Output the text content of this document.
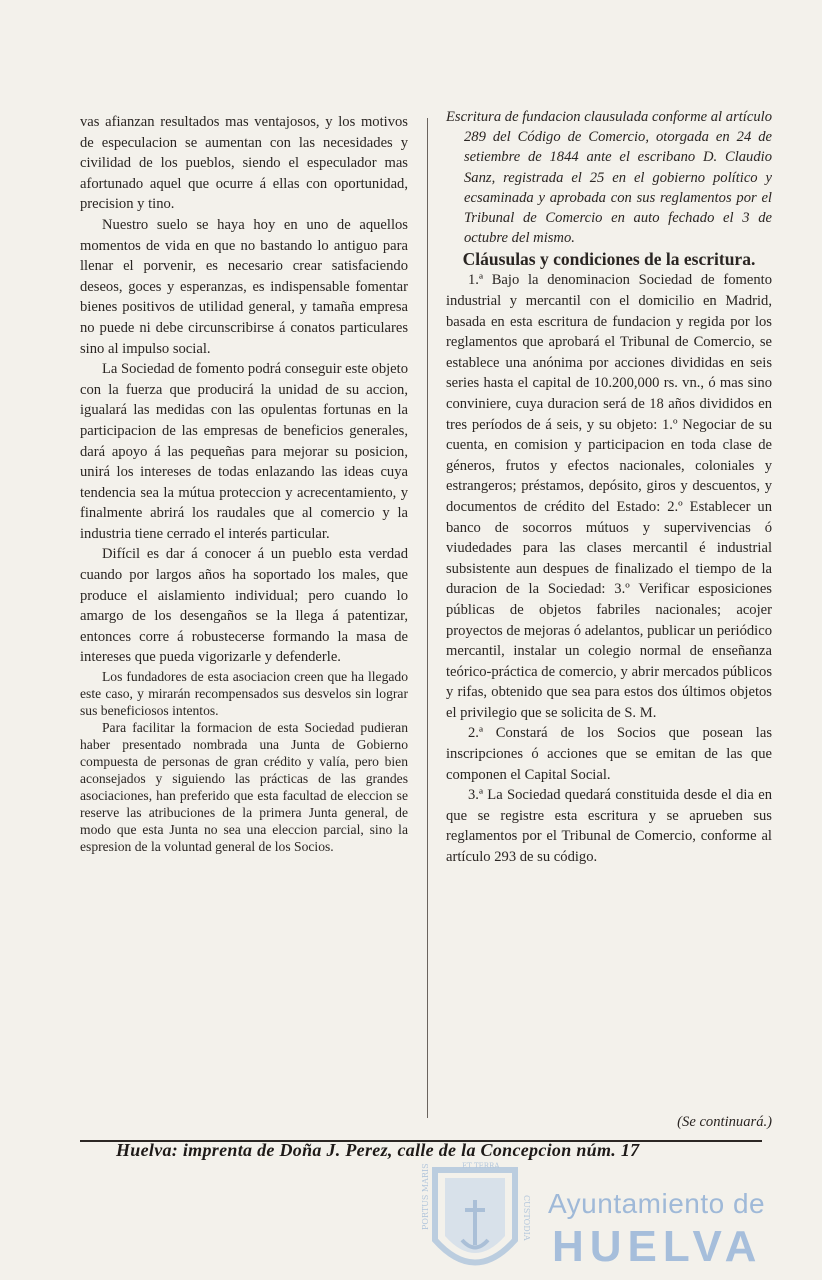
vas afianzan resultados mas ventajosos, y los motivos de especulacion se aumentan con las necesidades y civilidad de los pueblos, siendo el especulador mas afortunado aquel que ocurre á ellas con oportunidad, precision y tino.

Nuestro suelo se haya hoy en uno de aquellos momentos de vida en que no bastando lo antiguo para llenar el porvenir, es necesario crear satisfaciendo deseos, goces y esperanzas, es indispensable fomentar bienes positivos de utilidad general, y tamaña empresa no puede ni debe circunscribirse á conatos particulares sino al impulso social.

La Sociedad de fomento podrá conseguir este objeto con la fuerza que producirá la unidad de su accion, igualará las medidas con las opulentas fortunas en la participacion de las empresas de beneficios generales, dará apoyo á las pequeñas para mejorar su posicion, unirá los intereses de todas enlazando las ideas cuya tendencia sea la mútua proteccion y acrecentamiento, y finalmente abrirá los raudales que al comercio y la industria tiene cerrado el interés particular.

Difícil es dar á conocer á un pueblo esta verdad cuando por largos años ha soportado los males, que produce el aislamiento individual; pero cuando lo amargo de los desengaños se la llega á patentizar, entonces corre á robustecerse formando la masa de intereses que pueda vigorizarle y defenderle.

Los fundadores de esta asociacion creen que ha llegado este caso, y mirarán recompensados sus desvelos sin lograr sus beneficiosos intentos.

Para facilitar la formacion de esta Sociedad pudieran haber presentado nombrada una Junta de Gobierno compuesta de personas de gran crédito y valía, pero bien aconsejados y siguiendo las prácticas de las grandes asociaciones, han preferido que esta facultad de eleccion se reserve las atribuciones de la primera Junta general, de modo que esta Junta no sea una eleccion parcial, sino la espresion de la voluntad general de los Socios.

Escritura de fundacion clausulada conforme al artículo 289 del Código de Comercio, otorgada en 24 de setiembre de 1844 ante el escribano D. Claudio Sanz, registrada el 25 en el gobierno político y ecsaminada y aprobada con sus reglamentos por el Tribunal de Comercio en auto fechado el 3 de octubre del mismo.

Cláusulas y condiciones de la escritura.

1.ª Bajo la denominacion Sociedad de fomento industrial y mercantil con el domicilio en Madrid, basada en esta escritura de fundacion y regida por los reglamentos que aprobará el Tribunal de Comercio, se establece una anónima por acciones divididas en seis series hasta el capital de 10.200,000 rs. vn., ó mas sino conviniere, cuya duracion será de 18 años divididos en tres períodos de á seis, y su objeto: 1.º Negociar de su cuenta, en comision y participacion en toda clase de géneros, frutos y efectos nacionales, coloniales y estrangeros; préstamos, depósito, giros y descuentos, y documentos de crédito del Estado: 2.º Establecer un banco de socorros mútuos y supervivencias ó viudedades para las clases mercantil é industrial subsistente aun despues de finalizado el tiempo de la duracion de la Sociedad: 3.º Verificar esposiciones públicas de objetos fabriles nacionales; acojer proyectos de mejoras ó adelantos, publicar un periódico mercantil, instalar un colegio normal de enseñanza teórico-práctica de comercio, y abrir mercados públicos y rifas, obtenido que sea para estos dos últimos objetos el privilegio que se solicita de S. M.

2.ª Constará de los Socios que posean las inscripciones ó acciones que se emitan de las que componen el Capital Social.

3.ª La Sociedad quedará constituida desde el dia en que se registre esta escritura y se aprueben sus reglamentos por el Tribunal de Comercio, conforme al artículo 293 de su código.

(Se continuará.)
Huelva: imprenta de Doña J. Perez, calle de la Concepcion núm. 17
PORTUS MARIS	ET TERRA
CUSTODIA Ayuntamiento de
HUELVA
